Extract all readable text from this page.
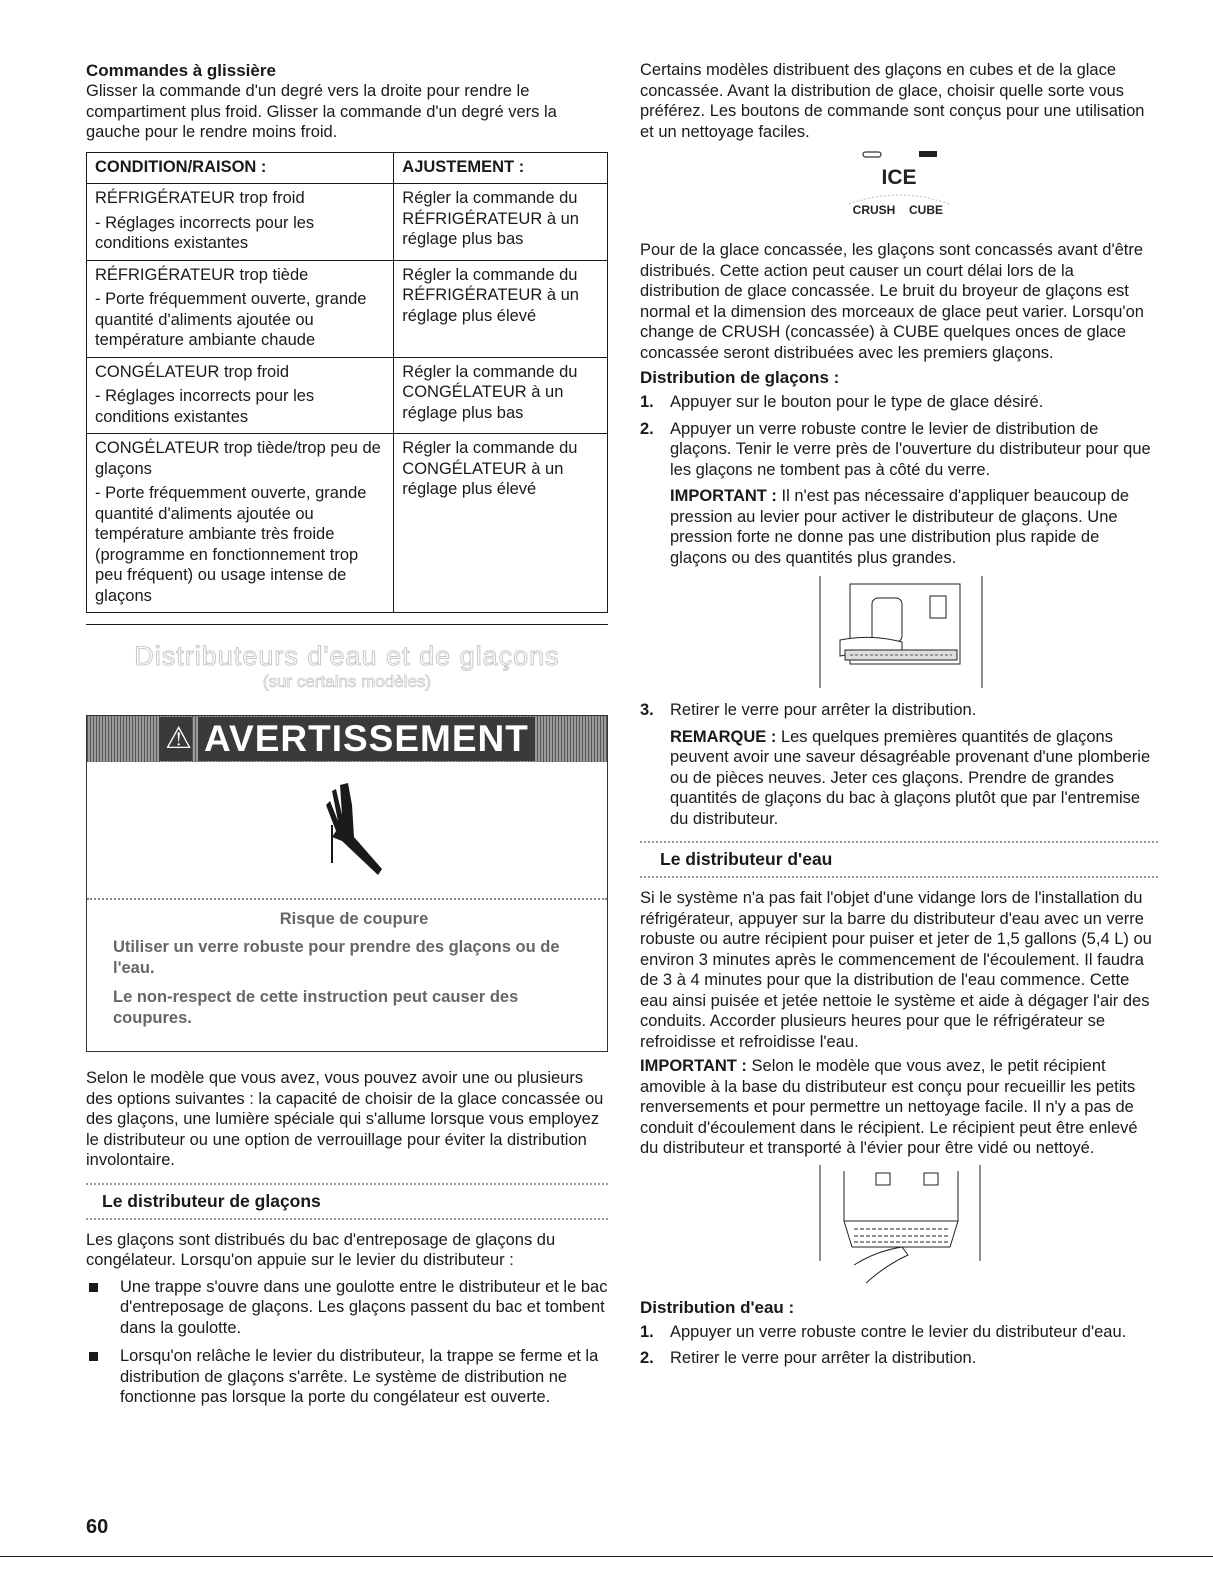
Commandes à glissière

Glisser la commande d'un degré vers la droite pour rendre le compartiment plus froid. Glisser la commande d'un degré vers la gauche pour le rendre moins froid.

CONDITION/RAISON :	AJUSTEMENT :

RÉFRIGÉRATEUR trop froid

- Réglages incorrects pour les conditions existantes	Régler la commande du RÉFRIGÉRATEUR à un réglage plus bas

RÉFRIGÉRATEUR trop tiède

- Porte fréquemment ouverte, grande quantité d'aliments ajoutée ou température ambiante chaude	Régler la commande du RÉFRIGÉRATEUR à un réglage plus élevé

CONGÉLATEUR trop froid

- Réglages incorrects pour les conditions existantes	Régler la commande du CONGÉLATEUR à un réglage plus bas

CONGÉLATEUR trop tiède/trop peu de glaçons

- Porte fréquemment ouverte, grande quantité d'aliments ajoutée ou température ambiante très froide (programme en fonctionnement trop peu fréquent) ou usage intense de glaçons	Régler la commande du CONGÉLATEUR à un réglage plus élevé

Distributeurs d'eau et de glaçons
(sur certains modèles)
⚠ AVERTISSEMENT
Risque de coupure

Utiliser un verre robuste pour prendre des glaçons ou de l'eau.

Le non-respect de cette instruction peut causer des coupures.

Selon le modèle que vous avez, vous pouvez avoir une ou plusieurs des options suivantes : la capacité de choisir de la glace concassée ou des glaçons, une lumière spéciale qui s'allume lorsque vous employez le distributeur ou une option de verrouillage pour éviter la distribution involontaire.

Le distributeur de glaçons

Les glaçons sont distribués du bac d'entreposage de glaçons du congélateur. Lorsqu'on appuie sur le levier du distributeur :

Une trappe s'ouvre dans une goulotte entre le distributeur et le bac d'entreposage de glaçons. Les glaçons passent du bac et tombent dans la goulotte.
Lorsqu'on relâche le levier du distributeur, la trappe se ferme et la distribution de glaçons s'arrête. Le système de distribution ne fonctionne pas lorsque la porte du congélateur est ouverte.

Certains modèles distribuent des glaçons en cubes et de la glace concassée. Avant la distribution de glace, choisir quelle sorte vous préférez. Les boutons de commande sont conçus pour une utilisation et un nettoyage faciles.

ICE
CRUSH CUBE

Pour de la glace concassée, les glaçons sont concassés avant d'être distribués. Cette action peut causer un court délai lors de la distribution de glace concassée. Le bruit du broyeur de glaçons est normal et la dimension des morceaux de glace peut varier. Lorsqu'on change de CRUSH (concassée) à CUBE quelques onces de glace concassée seront distribuées avec les premiers glaçons.

Distribution de glaçons :
1. Appuyer sur le bouton pour le type de glace désiré.
2. Appuyer un verre robuste contre le levier de distribution de glaçons. Tenir le verre près de l'ouverture du distributeur pour que les glaçons ne tombent pas à côté du verre.
IMPORTANT : Il n'est pas nécessaire d'appliquer beaucoup de pression au levier pour activer le distributeur de glaçons. Une pression forte ne donne pas une distribution plus rapide de glaçons ou des quantités plus grandes.
3. Retirer le verre pour arrêter la distribution.
REMARQUE : Les quelques premières quantités de glaçons peuvent avoir une saveur désagréable provenant d'une plomberie ou de pièces neuves. Jeter ces glaçons. Prendre de grandes quantités de glaçons du bac à glaçons plutôt que par l'entremise du distributeur.
Le distributeur d'eau

Si le système n'a pas fait l'objet d'une vidange lors de l'installation du réfrigérateur, appuyer sur la barre du distributeur d'eau avec un verre robuste ou autre récipient pour puiser et jeter de 1,5 gallons (5,4 L) ou environ 3 minutes après le commencement de l'écoulement. Il faudra de 3 à 4 minutes pour que la distribution de l'eau commence. Cette eau ainsi puisée et jetée nettoie le système et aide à dégager l'air des conduits. Accorder plusieurs heures pour que le réfrigérateur se refroidisse et refroidisse l'eau.

IMPORTANT : Selon le modèle que vous avez, le petit récipient amovible à la base du distributeur est conçu pour recueillir les petits renversements et pour permettre un nettoyage facile. Il n'y a pas de conduit d'écoulement dans le récipient. Le récipient peut être enlevé du distributeur et transporté à l'évier pour être vidé ou nettoyé.

Distribution d'eau :
1. Appuyer un verre robuste contre le levier du distributeur d'eau.
2. Retirer le verre pour arrêter la distribution.
60
